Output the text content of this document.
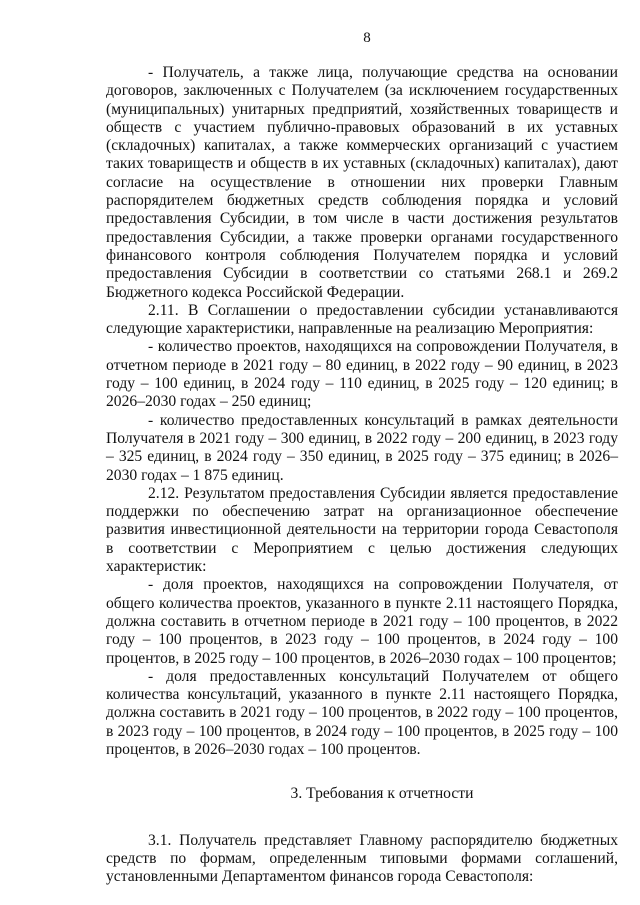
8

- Получатель, а также лица, получающие средства на основании договоров, заключенных с Получателем (за исключением государственных (муниципальных) унитарных предприятий, хозяйственных товариществ и обществ с участием публично-правовых образований в их уставных (складочных) капиталах, а также коммерческих организаций с участием таких товариществ и обществ в их уставных (складочных) капиталах), дают согласие на осуществление в отношении них проверки Главным распорядителем бюджетных средств соблюдения порядка и условий предоставления Субсидии, в том числе в части достижения результатов предоставления Субсидии, а также проверки органами государственного финансового контроля соблюдения Получателем порядка и условий предоставления Субсидии в соответствии со статьями 268.1 и 269.2 Бюджетного кодекса Российской Федерации.

2.11. В Соглашении о предоставлении субсидии устанавливаются следующие характеристики, направленные на реализацию Мероприятия:

- количество проектов, находящихся на сопровождении Получателя, в отчетном периоде в 2021 году – 80 единиц, в 2022 году – 90 единиц, в 2023 году – 100 единиц, в 2024 году – 110 единиц, в 2025 году – 120 единиц; в 2026–2030 годах – 250 единиц;

- количество предоставленных консультаций в рамках деятельности Получателя в 2021 году – 300 единиц, в 2022 году – 200 единиц, в 2023 году – 325 единиц, в 2024 году – 350 единиц, в 2025 году – 375 единиц; в 2026–2030 годах – 1 875 единиц.

2.12. Результатом предоставления Субсидии является предоставление поддержки по обеспечению затрат на организационное обеспечение развития инвестиционной деятельности на территории города Севастополя в соответствии с Мероприятием с целью достижения следующих характеристик:

- доля проектов, находящихся на сопровождении Получателя, от общего количества проектов, указанного в пункте 2.11 настоящего Порядка, должна составить в отчетном периоде в 2021 году – 100 процентов, в 2022 году – 100 процентов, в 2023 году – 100 процентов, в 2024 году – 100 процентов, в 2025 году – 100 процентов, в 2026–2030 годах – 100 процентов;

- доля предоставленных консультаций Получателем от общего количества консультаций, указанного в пункте 2.11 настоящего Порядка, должна составить в 2021 году – 100 процентов, в 2022 году – 100 процентов, в 2023 году – 100 процентов, в 2024 году – 100 процентов, в 2025 году – 100 процентов, в 2026–2030 годах – 100 процентов.

3. Требования к отчетности

3.1. Получатель представляет Главному распорядителю бюджетных средств по формам, определенным типовыми формами соглашений, установленными Департаментом финансов города Севастополя:
